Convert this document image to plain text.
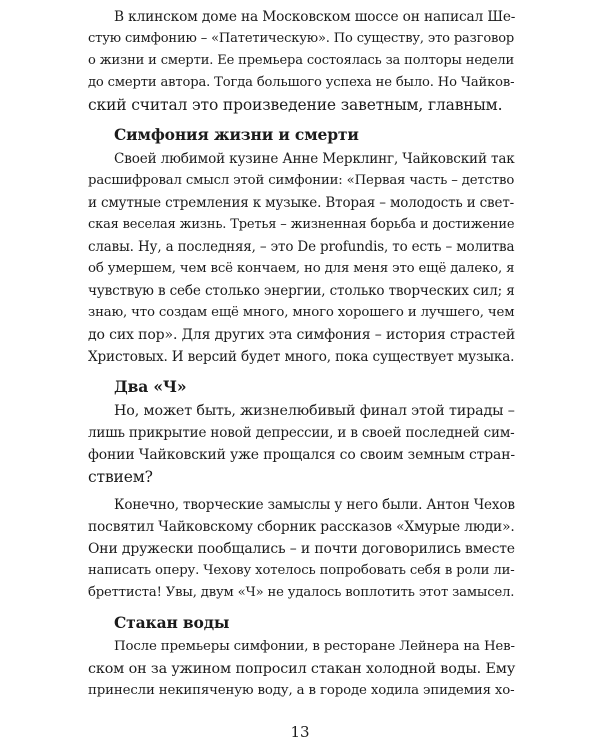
В клинском доме на Московском шоссе он написал Ше-
стую симфонию – «Патетическую». По существу, это разговор
о жизни и смерти. Ее премьера состоялась за полторы недели
до смерти автора. Тогда большого успеха не было. Но Чайков-
ский считал это произведение заветным, главным.

Симфония жизни и смерти

Своей любимой кузине Анне Мерклинг, Чайковский так
расшифровал смысл этой симфонии: «Первая часть – детство
и смутные стремления к музыке. Вторая – молодость и свет-
ская веселая жизнь. Третья – жизненная борьба и достижение
славы. Ну, а последняя, – это De profundis, то есть – молитва
об умершем, чем всё кончаем, но для меня это ещё далеко, я
чувствую в себе столько энергии, столько творческих сил; я
знаю, что создам ещё много, много хорошего и лучшего, чем
до сих пор». Для других эта симфония – история страстей
Христовых. И версий будет много, пока существует музыка.

Два «Ч»

Но, может быть, жизнелюбивый финал этой тирады –
лишь прикрытие новой депрессии, и в своей последней сим-
фонии Чайковский уже прощался со своим земным стран-
ствием?

Конечно, творческие замыслы у него были. Антон Чехов
посвятил Чайковскому сборник рассказов «Хмурые люди».
Они дружески пообщались – и почти договорились вместе
написать оперу. Чехову хотелось попробовать себя в роли ли-
бреттиста! Увы, двум «Ч» не удалось воплотить этот замысел.

Стакан воды

После премьеры симфонии, в ресторане Лейнера на Нев-
ском он за ужином попросил стакан холодной воды. Ему
принесли некипяченую воду, а в городе ходила эпидемия хо-

13
